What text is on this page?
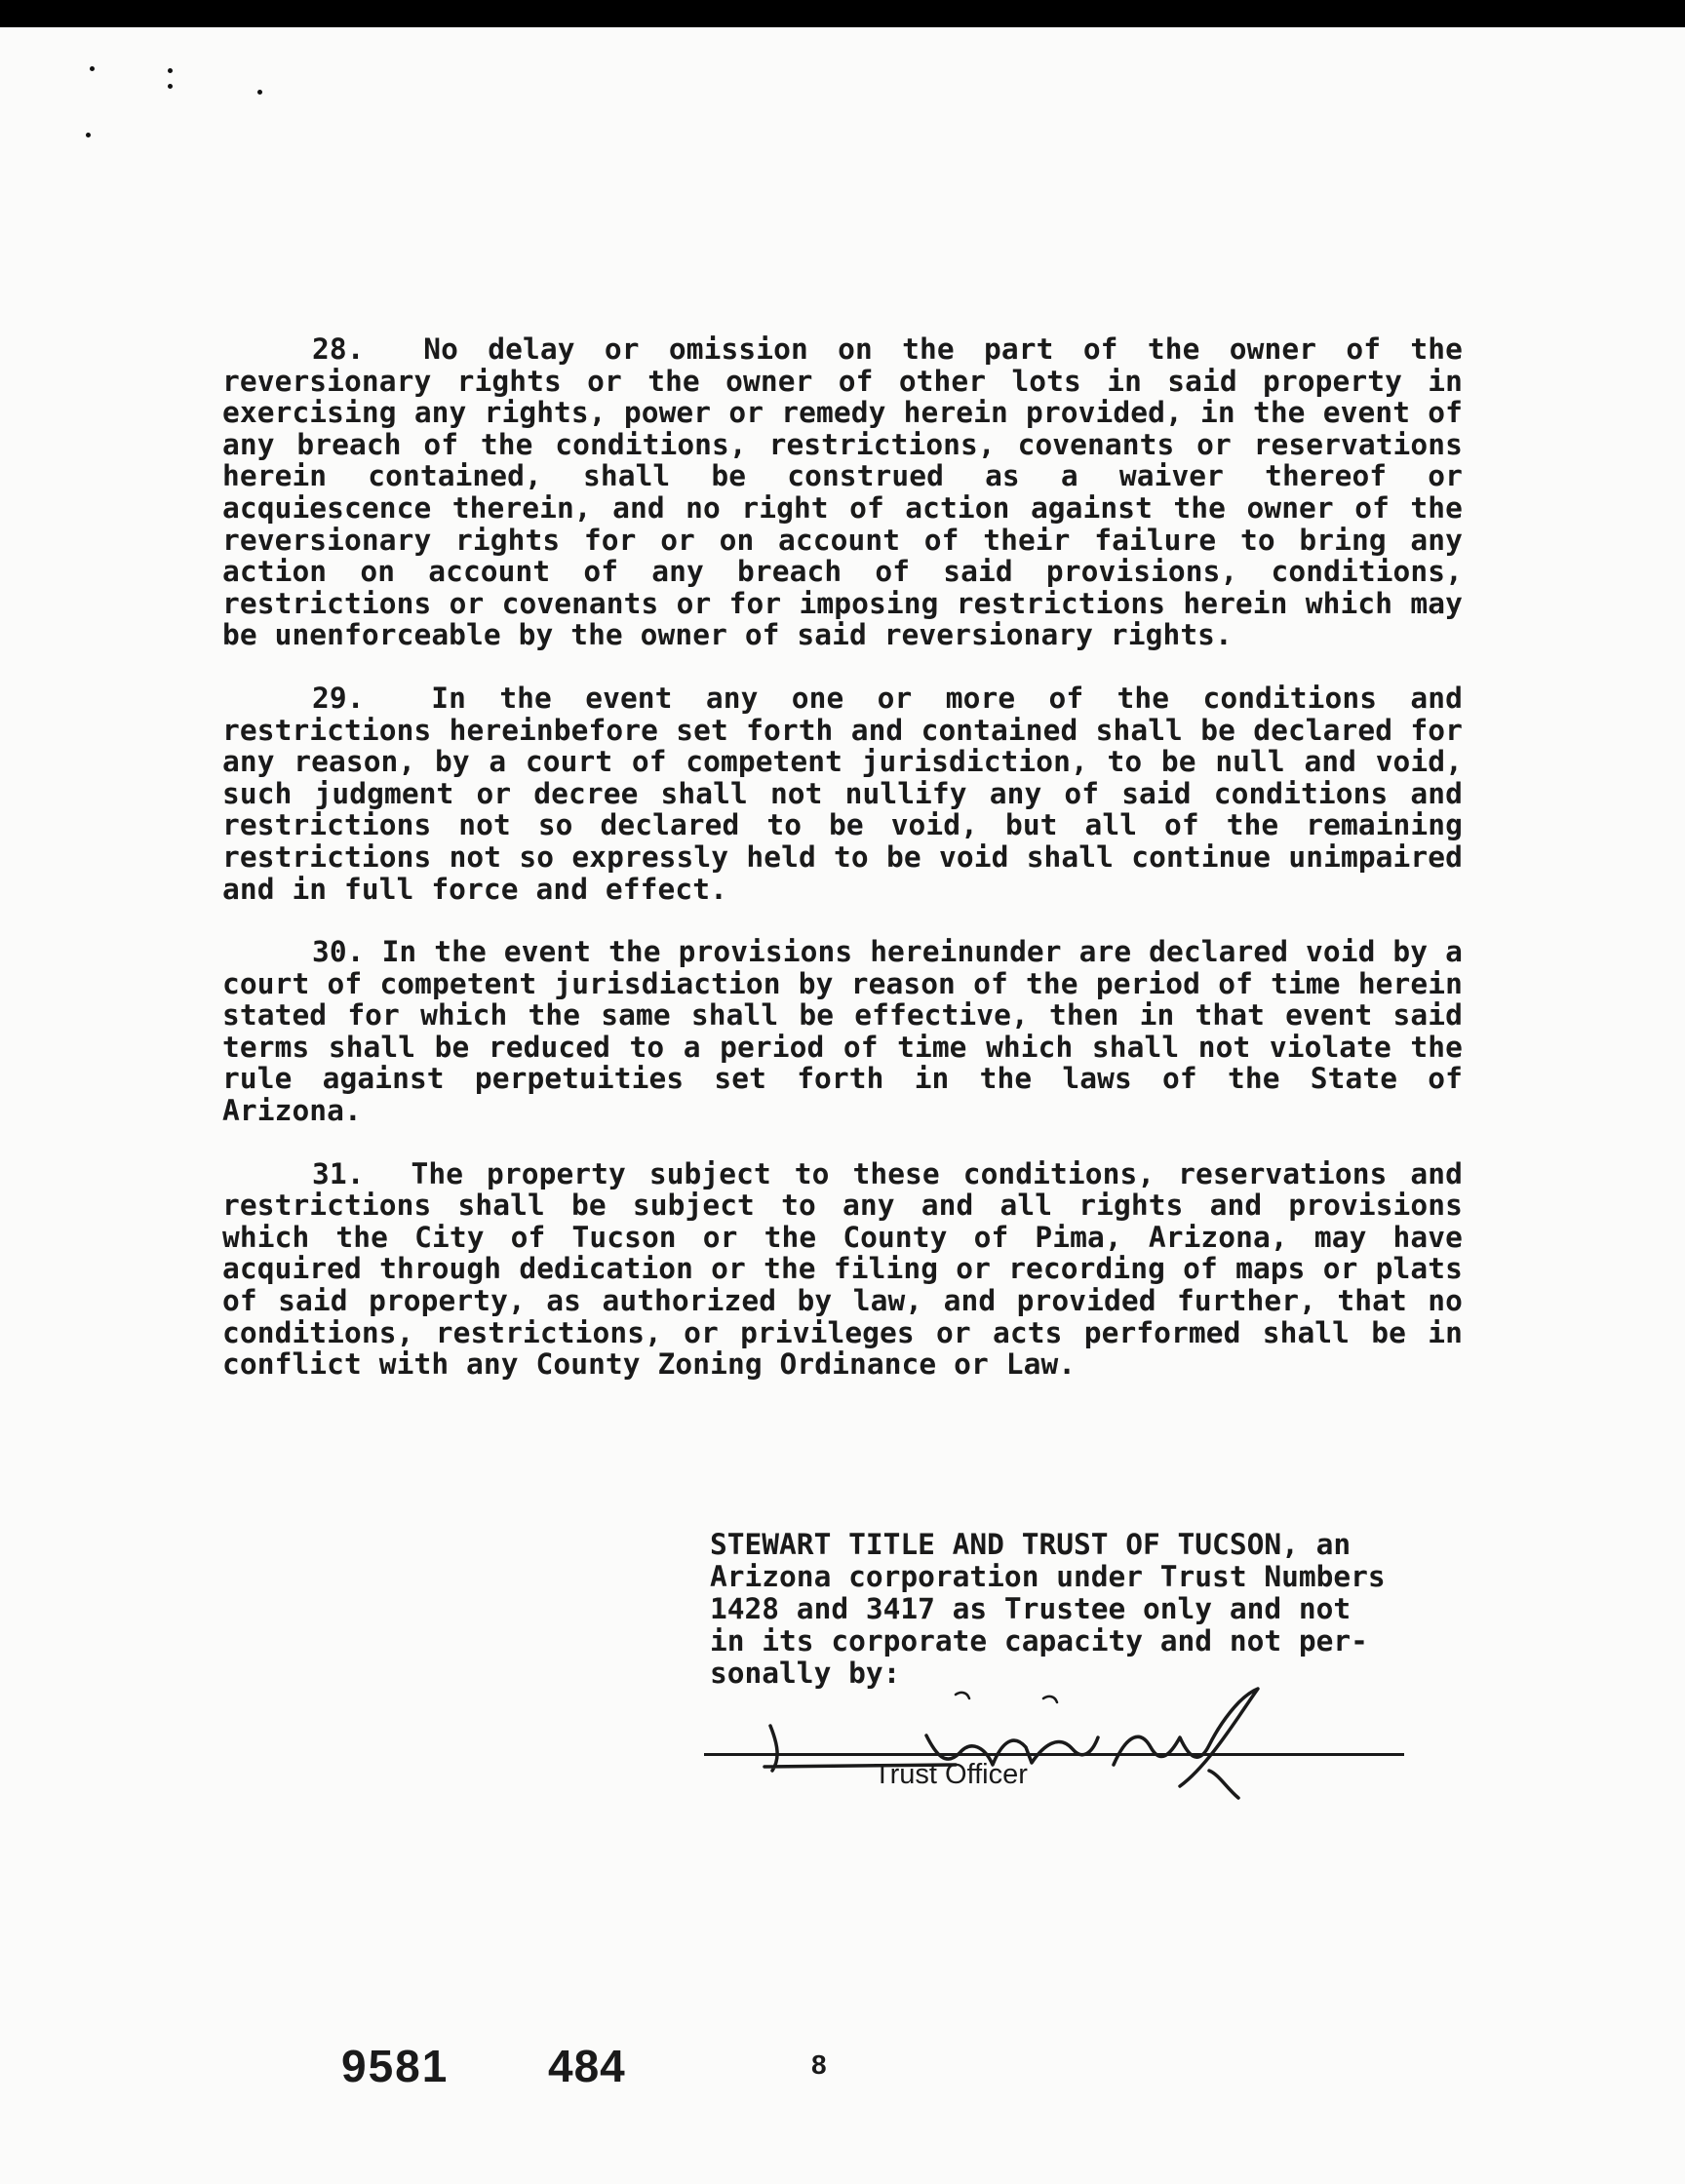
28. No delay or omission on the part of the owner of the reversionary rights or the owner of other lots in said property in exercising any rights, power or remedy herein provided, in the event of any breach of the conditions, restrictions, covenants or reservations herein contained, shall be construed as a waiver thereof or acquiescence therein, and no right of action against the owner of the reversionary rights for or on account of their failure to bring any action on account of any breach of said provisions, conditions, restrictions or covenants or for imposing restrictions herein which may be unenforceable by the owner of said reversionary rights.

29. In the event any one or more of the conditions and restrictions hereinbefore set forth and contained shall be declared for any reason, by a court of competent jurisdiction, to be null and void, such judgment or decree shall not nullify any of said conditions and restrictions not so declared to be void, but all of the remaining restrictions not so expressly held to be void shall continue unimpaired and in full force and effect.

30. In the event the provisions hereinunder are declared void by a court of competent jurisdiaction by reason of the period of time herein stated for which the same shall be effective, then in that event said terms shall be reduced to a period of time which shall not violate the rule against perpetuities set forth in the laws of the State of Arizona.

31. The property subject to these conditions, reservations and restrictions shall be subject to any and all rights and provisions which the City of Tucson or the County of Pima, Arizona, may have acquired through dedication or the filing or recording of maps or plats of said property, as authorized by law, and provided further, that no conditions, restrictions, or privileges or acts performed shall be in conflict with any County Zoning Ordinance or Law.

STEWART TITLE AND TRUST OF TUCSON, an
Arizona corporation under Trust Numbers
1428 and 3417 as Trustee only and not
in its corporate capacity and not per-
sonally by:
Trust Officer
9581 484	8
